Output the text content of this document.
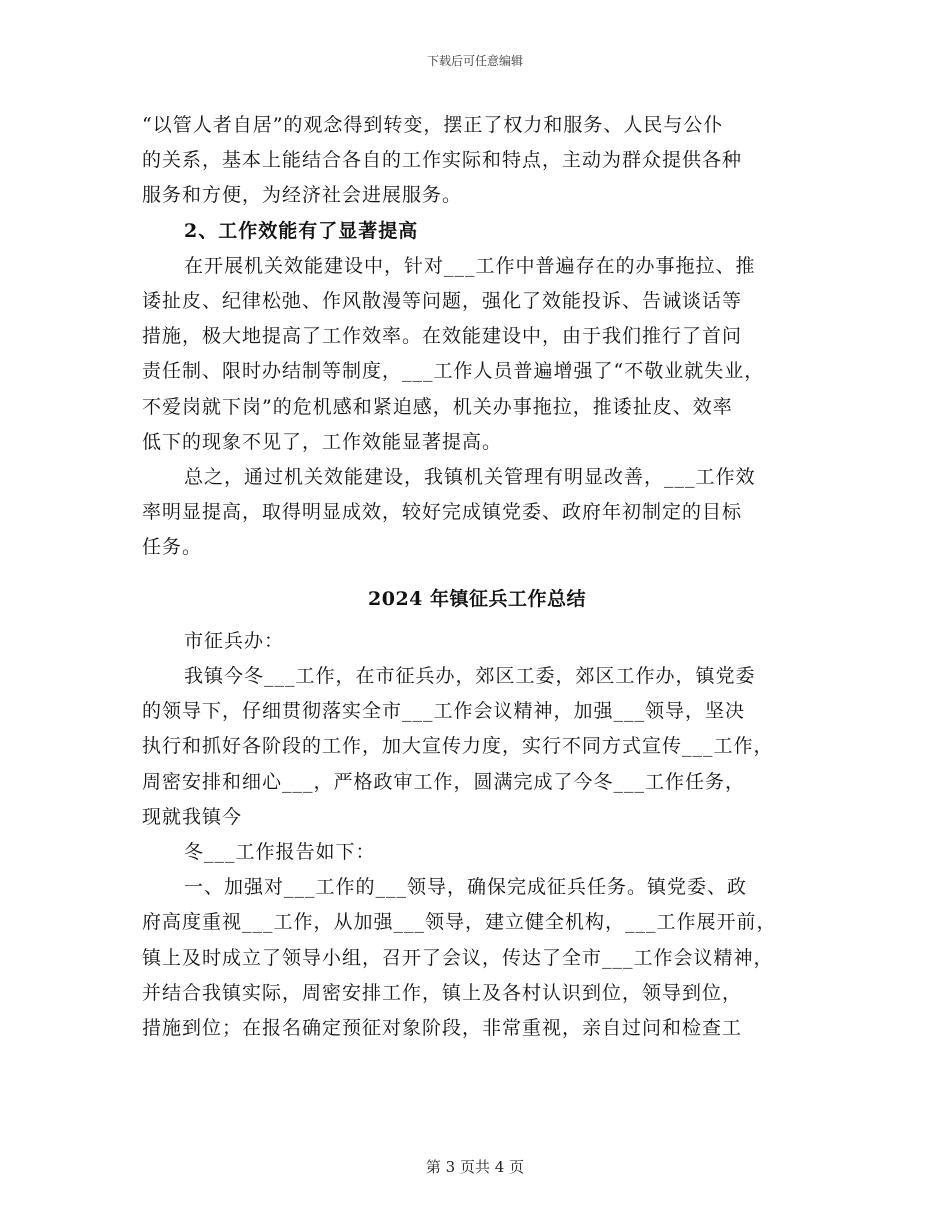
下载后可任意编辑

“以管人者自居”的观念得到转变，摆正了权力和服务、人民与公仆

的关系，基本上能结合各自的工作实际和特点，主动为群众提供各种

服务和方便，为经济社会进展服务。

2、工作效能有了显著提高

在开展机关效能建设中，针对___工作中普遍存在的办事拖拉、推

诿扯皮、纪律松弛、作风散漫等问题，强化了效能投诉、告诫谈话等

措施，极大地提高了工作效率。在效能建设中，由于我们推行了首问

责任制、限时办结制等制度，___工作人员普遍增强了“不敬业就失业，

不爱岗就下岗”的危机感和紧迫感，机关办事拖拉，推诿扯皮、效率

低下的现象不见了，工作效能显著提高。

总之，通过机关效能建设，我镇机关管理有明显改善，___工作效

率明显提高，取得明显成效，较好完成镇党委、政府年初制定的目标

任务。

2024 年镇征兵工作总结

市征兵办：

我镇今冬___工作，在市征兵办，郊区工委，郊区工作办，镇党委

的领导下，仔细贯彻落实全市___工作会议精神，加强___领导，坚决

执行和抓好各阶段的工作，加大宣传力度，实行不同方式宣传___工作，

周密安排和细心___，严格政审工作，圆满完成了今冬___工作任务，

现就我镇今

冬___工作报告如下：

一、加强对___工作的___领导，确保完成征兵任务。镇党委、政

府高度重视___工作，从加强___领导，建立健全机构，___工作展开前，

镇上及时成立了领导小组，召开了会议，传达了全市___工作会议精神，

并结合我镇实际，周密安排工作，镇上及各村认识到位，领导到位，

措施到位；在报名确定预征对象阶段，非常重视，亲自过问和检查工

第 3 页共 4 页
